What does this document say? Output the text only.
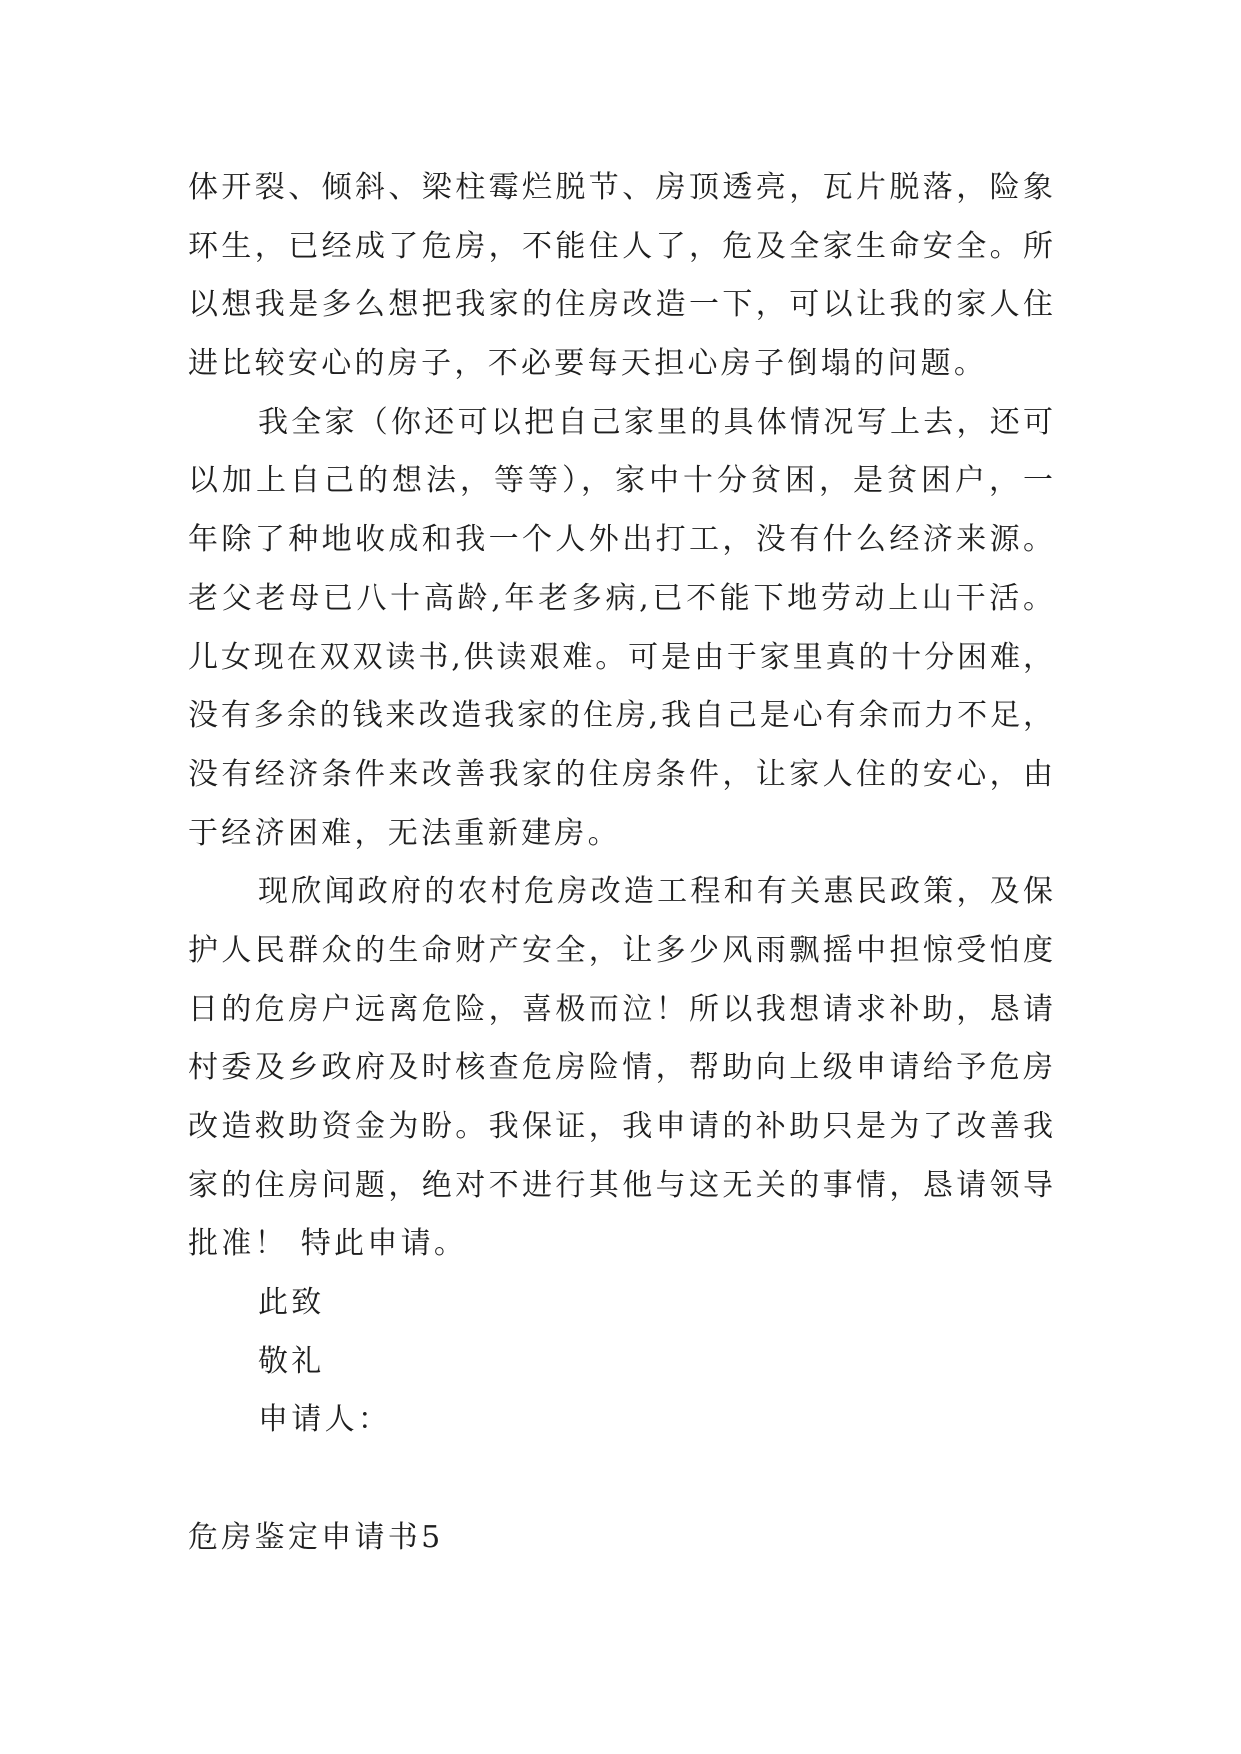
体开裂、倾斜、梁柱霉烂脱节、房顶透亮，瓦片脱落，险象
环生，已经成了危房，不能住人了，危及全家生命安全。所
以想我是多么想把我家的住房改造一下，可以让我的家人住
进比较安心的房子，不必要每天担心房子倒塌的问题。
我全家（你还可以把自己家里的具体情况写上去，还可
以加上自己的想法，等等），家中十分贫困，是贫困户，一
年除了种地收成和我一个人外出打工，没有什么经济来源。
老父老母已八十高龄,年老多病,已不能下地劳动上山干活。
儿女现在双双读书,供读艰难。可是由于家里真的十分困难，
没有多余的钱来改造我家的住房,我自己是心有余而力不足，
没有经济条件来改善我家的住房条件，让家人住的安心，由
于经济困难，无法重新建房。
现欣闻政府的农村危房改造工程和有关惠民政策，及保
护人民群众的生命财产安全，让多少风雨飘摇中担惊受怕度
日的危房户远离危险，喜极而泣！所以我想请求补助，恳请
村委及乡政府及时核查危房险情，帮助向上级申请给予危房
改造救助资金为盼。我保证，我申请的补助只是为了改善我
家的住房问题，绝对不进行其他与这无关的事情，恳请领导
批准！ 特此申请。
此致
敬礼
申请人：
危房鉴定申请书5
